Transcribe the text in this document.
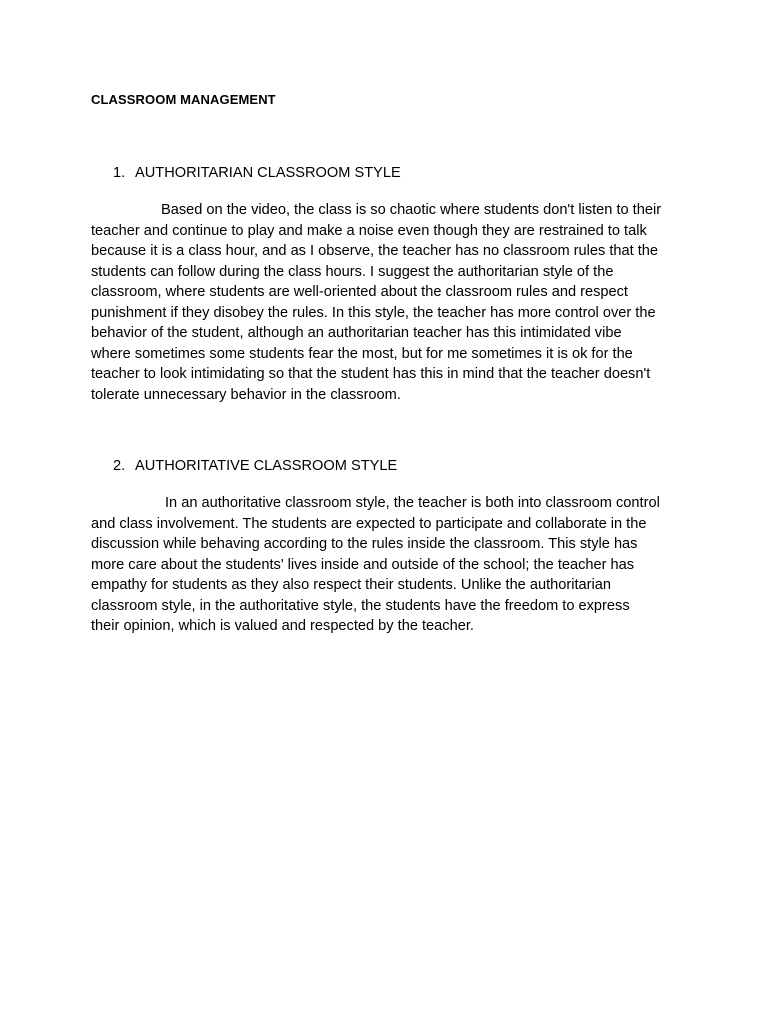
CLASSROOM MANAGEMENT
1. AUTHORITARIAN CLASSROOM STYLE
Based on the video, the class is so chaotic where students don't listen to their
teacher and continue to play and make a noise even though they are restrained to talk
because it is a class hour, and as I observe, the teacher has no classroom rules that the
students can follow during the class hours. I suggest the authoritarian style of the
classroom, where students are well-oriented about the classroom rules and respect
punishment if they disobey the rules. In this style, the teacher has more control over the
behavior of the student, although an authoritarian teacher has this intimidated vibe
where sometimes some students fear the most, but for me sometimes it is ok for the
teacher to look intimidating so that the student has this in mind that the teacher doesn't
tolerate unnecessary behavior in the classroom.
2. AUTHORITATIVE CLASSROOM STYLE
In an authoritative classroom style, the teacher is both into classroom control
and class involvement. The students are expected to participate and collaborate in the
discussion while behaving according to the rules inside the classroom. This style has
more care about the students' lives inside and outside of the school; the teacher has
empathy for students as they also respect their students. Unlike the authoritarian
classroom style, in the authoritative style, the students have the freedom to express
their opinion, which is valued and respected by the teacher.
